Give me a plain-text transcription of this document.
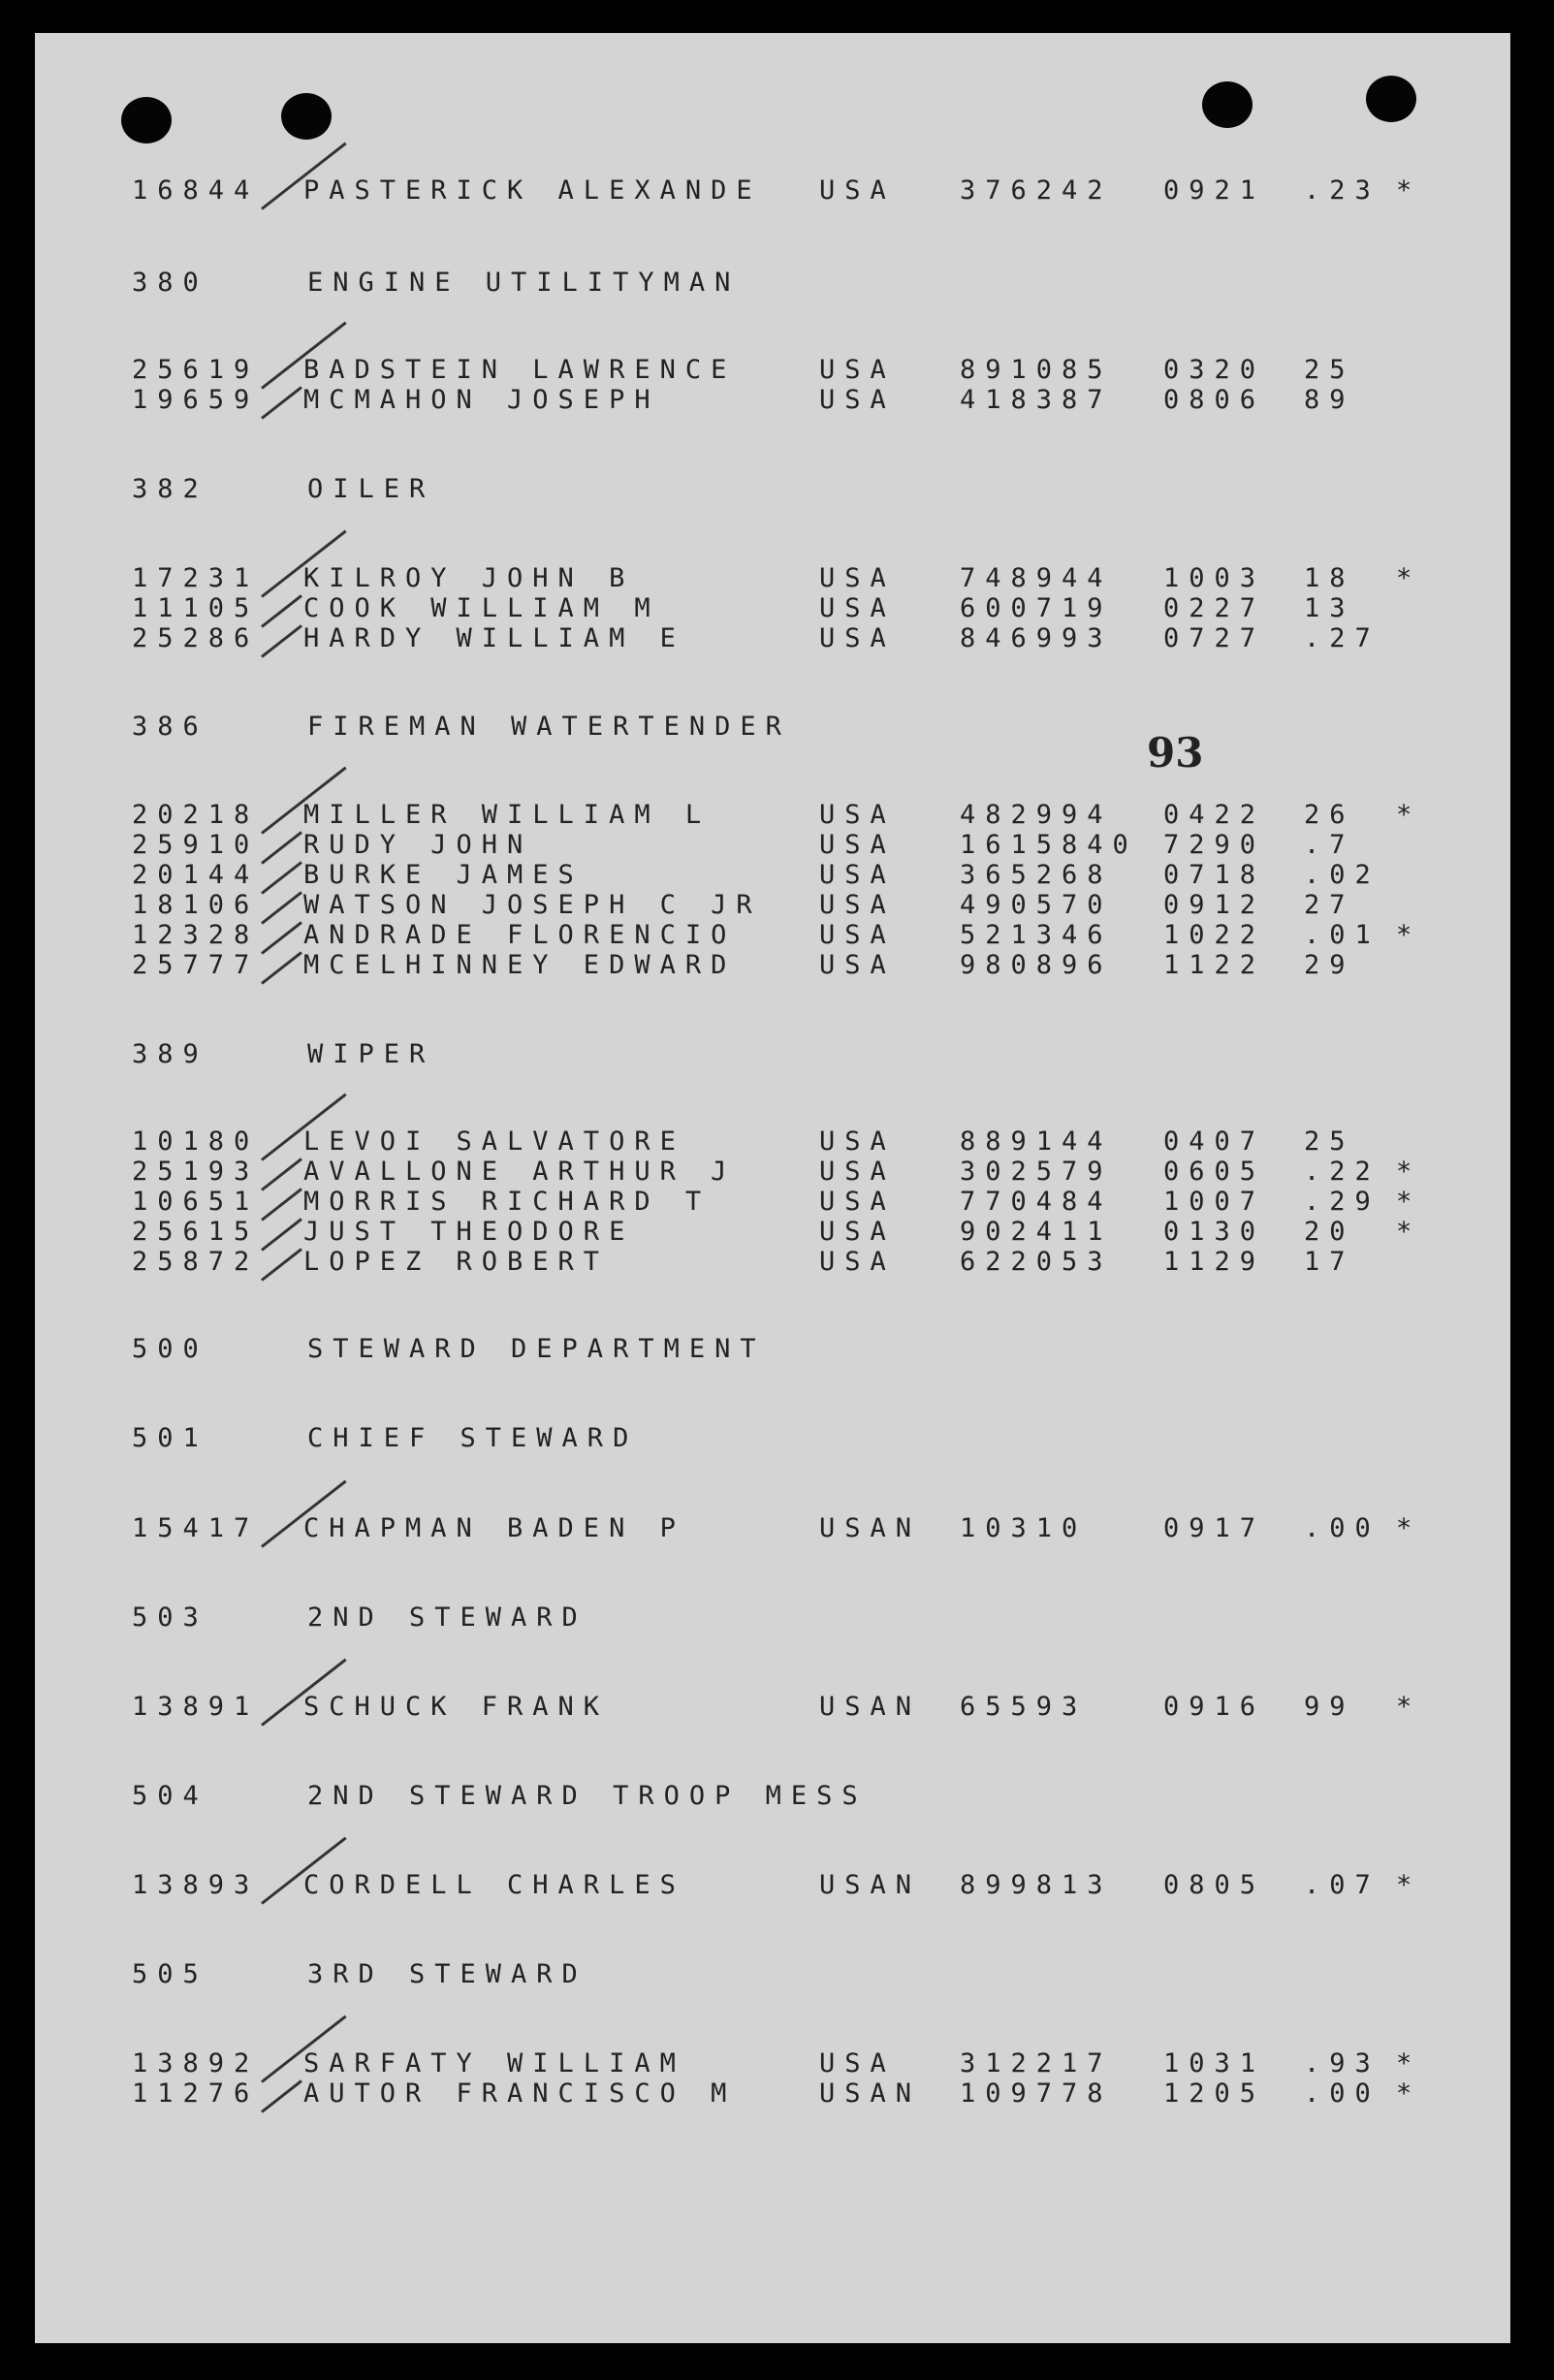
93
16844 PASTERICK ALEXANDE USA 376242 0921 .23 *
380	ENGINE UTILITYMAN
25619 BADSTEIN LAWRENCE	USA 891085 0320 25
19659 MCMAHON JOSEPH	USA 418387 0806 89
382	OILER
17231 KILROY JOHN B	USA 748944 1003 18 *
11105 COOK WILLIAM M	USA 600719 0227 13
25286 HARDY WILLIAM E	USA 846993 0727 .27
386	FIREMAN WATERTENDER
20218 MILLER WILLIAM L	USA 482994 0422 26 *
25910 RUDY JOHN	USA 1615840 7290 .7
20144 BURKE JAMES	USA 365268 0718 .02
18106 WATSON JOSEPH C JR USA 490570 0912 27
12328 ANDRADE FLORENCIO	USA 521346 1022 .01 *
25777 MCELHINNEY EDWARD	USA 980896 1122 29
389	WIPER
10180 LEVOI SALVATORE	USA 889144 0407 25
25193 AVALLONE ARTHUR J	USA 302579 0605 .22 *
10651 MORRIS RICHARD T	USA 770484 1007 .29 *
25615 JUST THEODORE	USA 902411 0130 20 *
25872 LOPEZ ROBERT	USA 622053 1129 17
500	STEWARD DEPARTMENT
501	CHIEF STEWARD
15417 CHAPMAN BADEN P	USAN 10310	0917 .00 *
503	2ND STEWARD
13891 SCHUCK FRANK	USAN 65593	0916 99 *
504	2ND STEWARD TROOP MESS
13893 CORDELL CHARLES	USAN 899813 0805 .07 *
505	3RD STEWARD
13892 SARFATY WILLIAM	USA 312217 1031 .93 *
11276 AUTOR FRANCISCO M	USAN 109778 1205 .00 *
